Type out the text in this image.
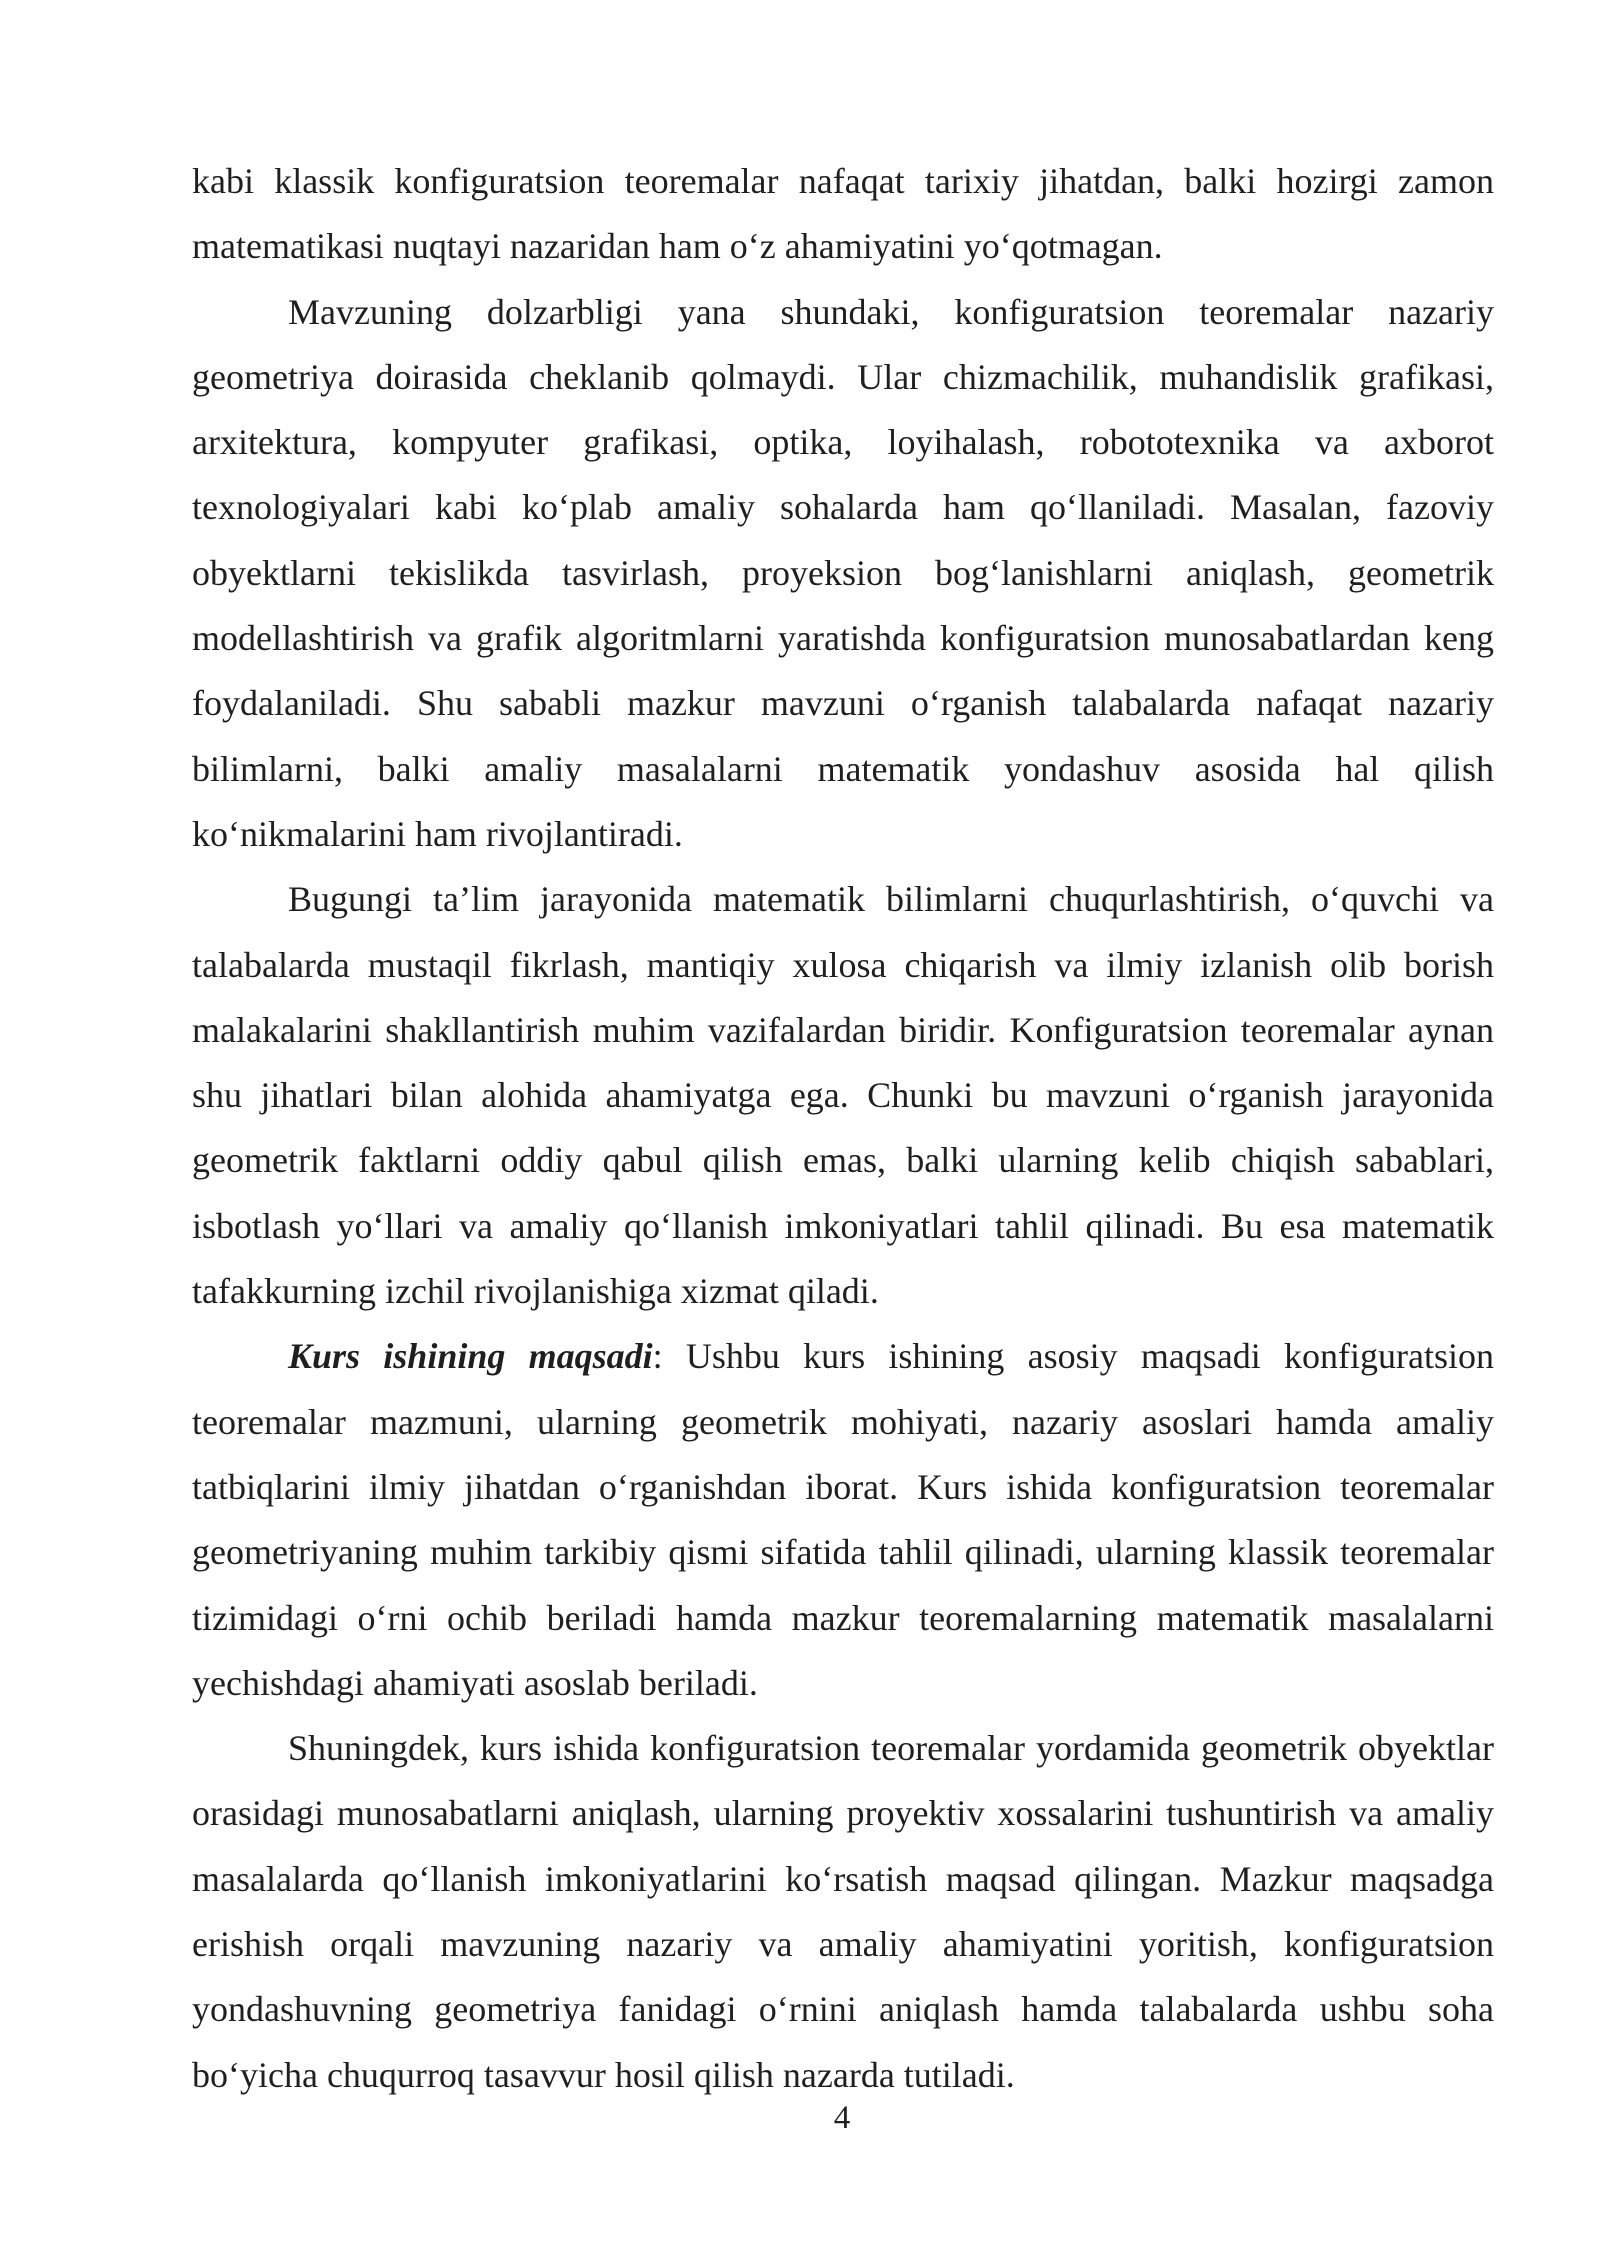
kabi klassik konfiguratsion teoremalar nafaqat tarixiy jihatdan, balki hozirgi zamon matematikasi nuqtayi nazaridan ham o‘z ahamiyatini yo‘qotmagan.

Mavzuning dolzarbligi yana shundaki, konfiguratsion teoremalar nazariy geometriya doirasida cheklanib qolmaydi. Ular chizmachilik, muhandislik grafikasi, arxitektura, kompyuter grafikasi, optika, loyihalash, robototexnika va axborot texnologiyalari kabi ko‘plab amaliy sohalarda ham qo‘llaniladi. Masalan, fazoviy obyektlarni tekislikda tasvirlash, proyeksion bog‘lanishlarni aniqlash, geometrik modellashtirish va grafik algoritmlarni yaratishda konfiguratsion munosabatlardan keng foydalaniladi. Shu sababli mazkur mavzuni o‘rganish talabalarda nafaqat nazariy bilimlarni, balki amaliy masalalarni matematik yondashuv asosida hal qilish ko‘nikmalarini ham rivojlantiradi.

Bugungi ta’lim jarayonida matematik bilimlarni chuqurlashtirish, o‘quvchi va talabalarda mustaqil fikrlash, mantiqiy xulosa chiqarish va ilmiy izlanish olib borish malakalarini shakllantirish muhim vazifalardan biridir. Konfiguratsion teoremalar aynan shu jihatlari bilan alohida ahamiyatga ega. Chunki bu mavzuni o‘rganish jarayonida geometrik faktlarni oddiy qabul qilish emas, balki ularning kelib chiqish sabablari, isbotlash yo‘llari va amaliy qo‘llanish imkoniyatlari tahlil qilinadi. Bu esa matematik tafakkurning izchil rivojlanishiga xizmat qiladi.

Kurs ishining maqsadi: Ushbu kurs ishining asosiy maqsadi konfiguratsion teoremalar mazmuni, ularning geometrik mohiyati, nazariy asoslari hamda amaliy tatbiqlarini ilmiy jihatdan o‘rganishdan iborat. Kurs ishida konfiguratsion teoremalar geometriyaning muhim tarkibiy qismi sifatida tahlil qilinadi, ularning klassik teoremalar tizimidagi o‘rni ochib beriladi hamda mazkur teoremalarning matematik masalalarni yechishdagi ahamiyati asoslab beriladi.

Shuningdek, kurs ishida konfiguratsion teoremalar yordamida geometrik obyektlar orasidagi munosabatlarni aniqlash, ularning proyektiv xossalarini tushuntirish va amaliy masalalarda qo‘llanish imkoniyatlarini ko‘rsatish maqsad qilingan. Mazkur maqsadga erishish orqali mavzuning nazariy va amaliy ahamiyatini yoritish, konfiguratsion yondashuvning geometriya fanidagi o‘rnini aniqlash hamda talabalarda ushbu soha bo‘yicha chuqurroq tasavvur hosil qilish nazarda tutiladi.

4
